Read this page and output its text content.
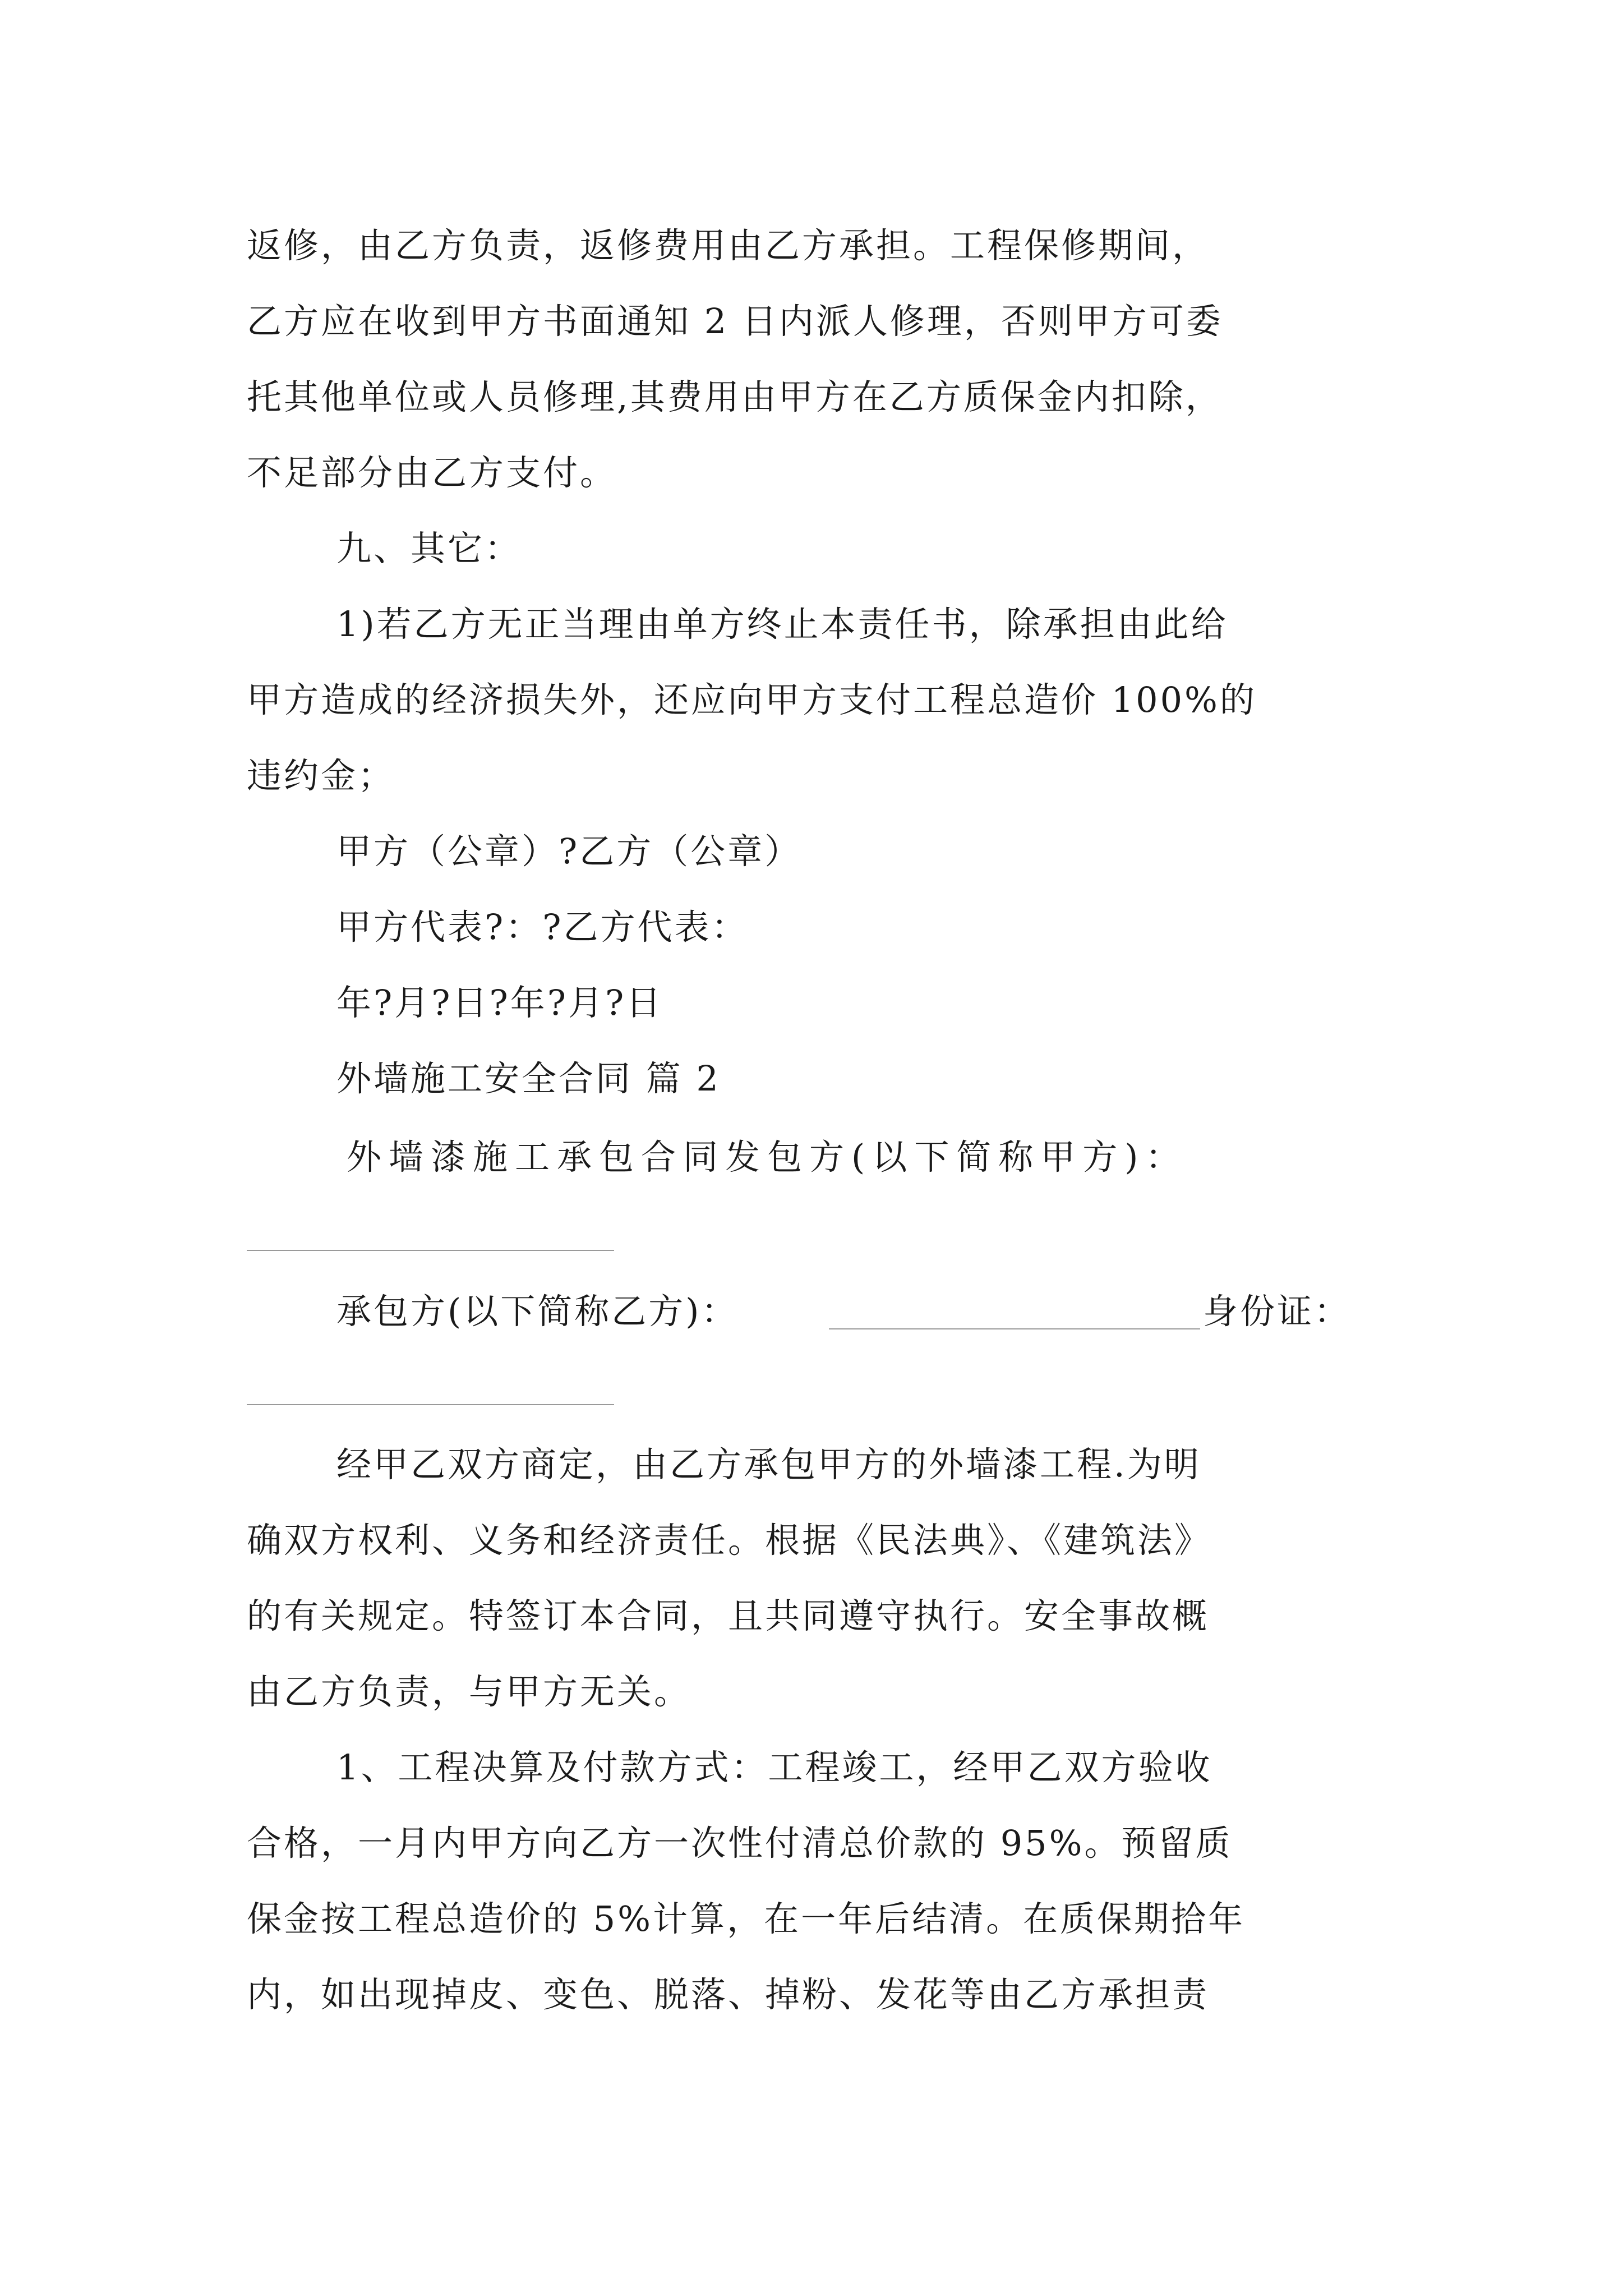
返修，由乙方负责，返修费用由乙方承担。工程保修期间，
乙方应在收到甲方书面通知 2 日内派人修理，否则甲方可委
托其他单位或人员修理,其费用由甲方在乙方质保金内扣除，
不足部分由乙方支付。
九、其它：
1)若乙方无正当理由单方终止本责任书，除承担由此给
甲方造成的经济损失外，还应向甲方支付工程总造价 100%的
违约金；
甲方（公章）?乙方（公章）
甲方代表?：?乙方代表：
年?月?日?年?月?日
外墙施工安全合同 篇 2
外墙漆施工承包合同发包方(以下简称甲方)：
承包方(以下简称乙方)：	身份证：
经甲乙双方商定，由乙方承包甲方的外墙漆工程.为明
确双方权利、义务和经济责任。根据《民法典》、《建筑法》
的有关规定。特签订本合同，且共同遵守执行。安全事故概
由乙方负责，与甲方无关。
1、工程决算及付款方式：工程竣工，经甲乙双方验收
合格，一月内甲方向乙方一次性付清总价款的 95%。预留质
保金按工程总造价的 5%计算，在一年后结清。在质保期拾年
内，如出现掉皮、变色、脱落、掉粉、发花等由乙方承担责
